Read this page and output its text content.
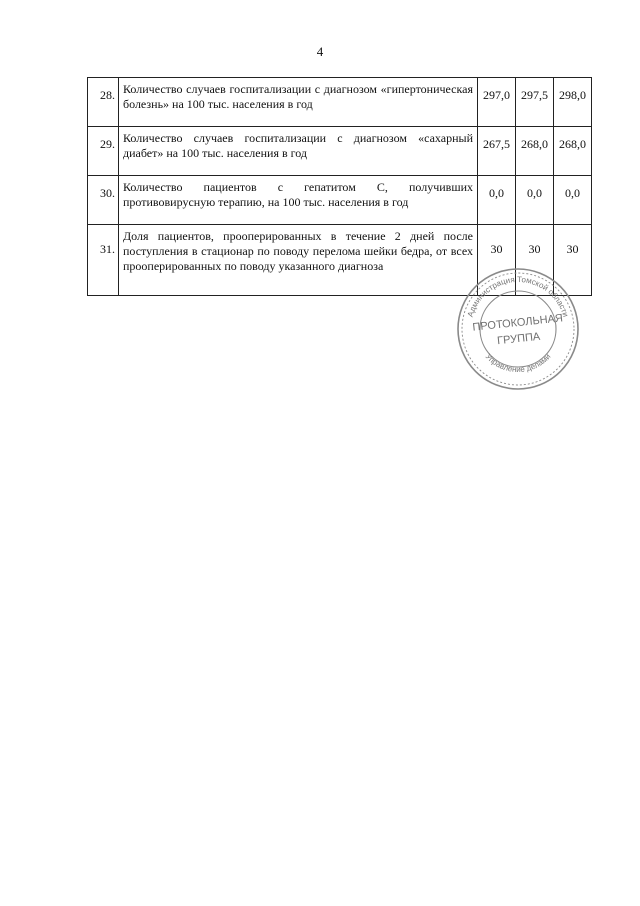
4
28.	Количество случаев госпитализации с диагнозом «гипертоническая болезнь» на 100 тыс. населения в год	297,0	297,5	298,0
29.	Количество случаев госпитализации с диагнозом «сахарный диабет» на 100 тыс. населения в год	267,5	268,0	268,0
30.	Количество пациентов с гепатитом С, получивших противовирусную терапию, на 100 тыс. населения в год	0,0	0,0	0,0
31.	Доля пациентов, прооперированных в течение 2 дней после поступления в стационар по поводу перелома шейки бедра, от всех прооперированных по поводу указанного диагноза	30	30	30
Администрация Томской области
Управление делами
ПРОТОКОЛЬНАЯ
ГРУППА
